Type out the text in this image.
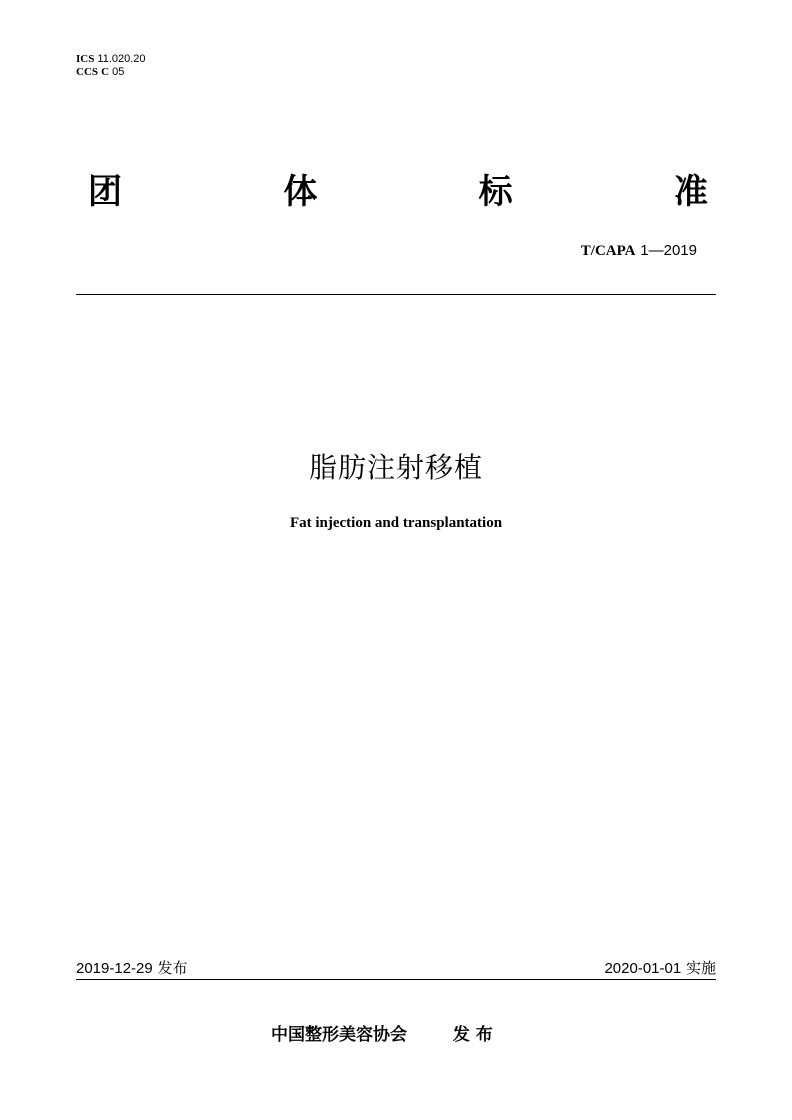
ICS 11.020.20
CCS C 05
团	体	标	准
T/CAPA 1—2019
脂肪注射移植
Fat injection and transplantation
2019-12-29 发布	2020-01-01 实施
中国整形美容协会	发 布
